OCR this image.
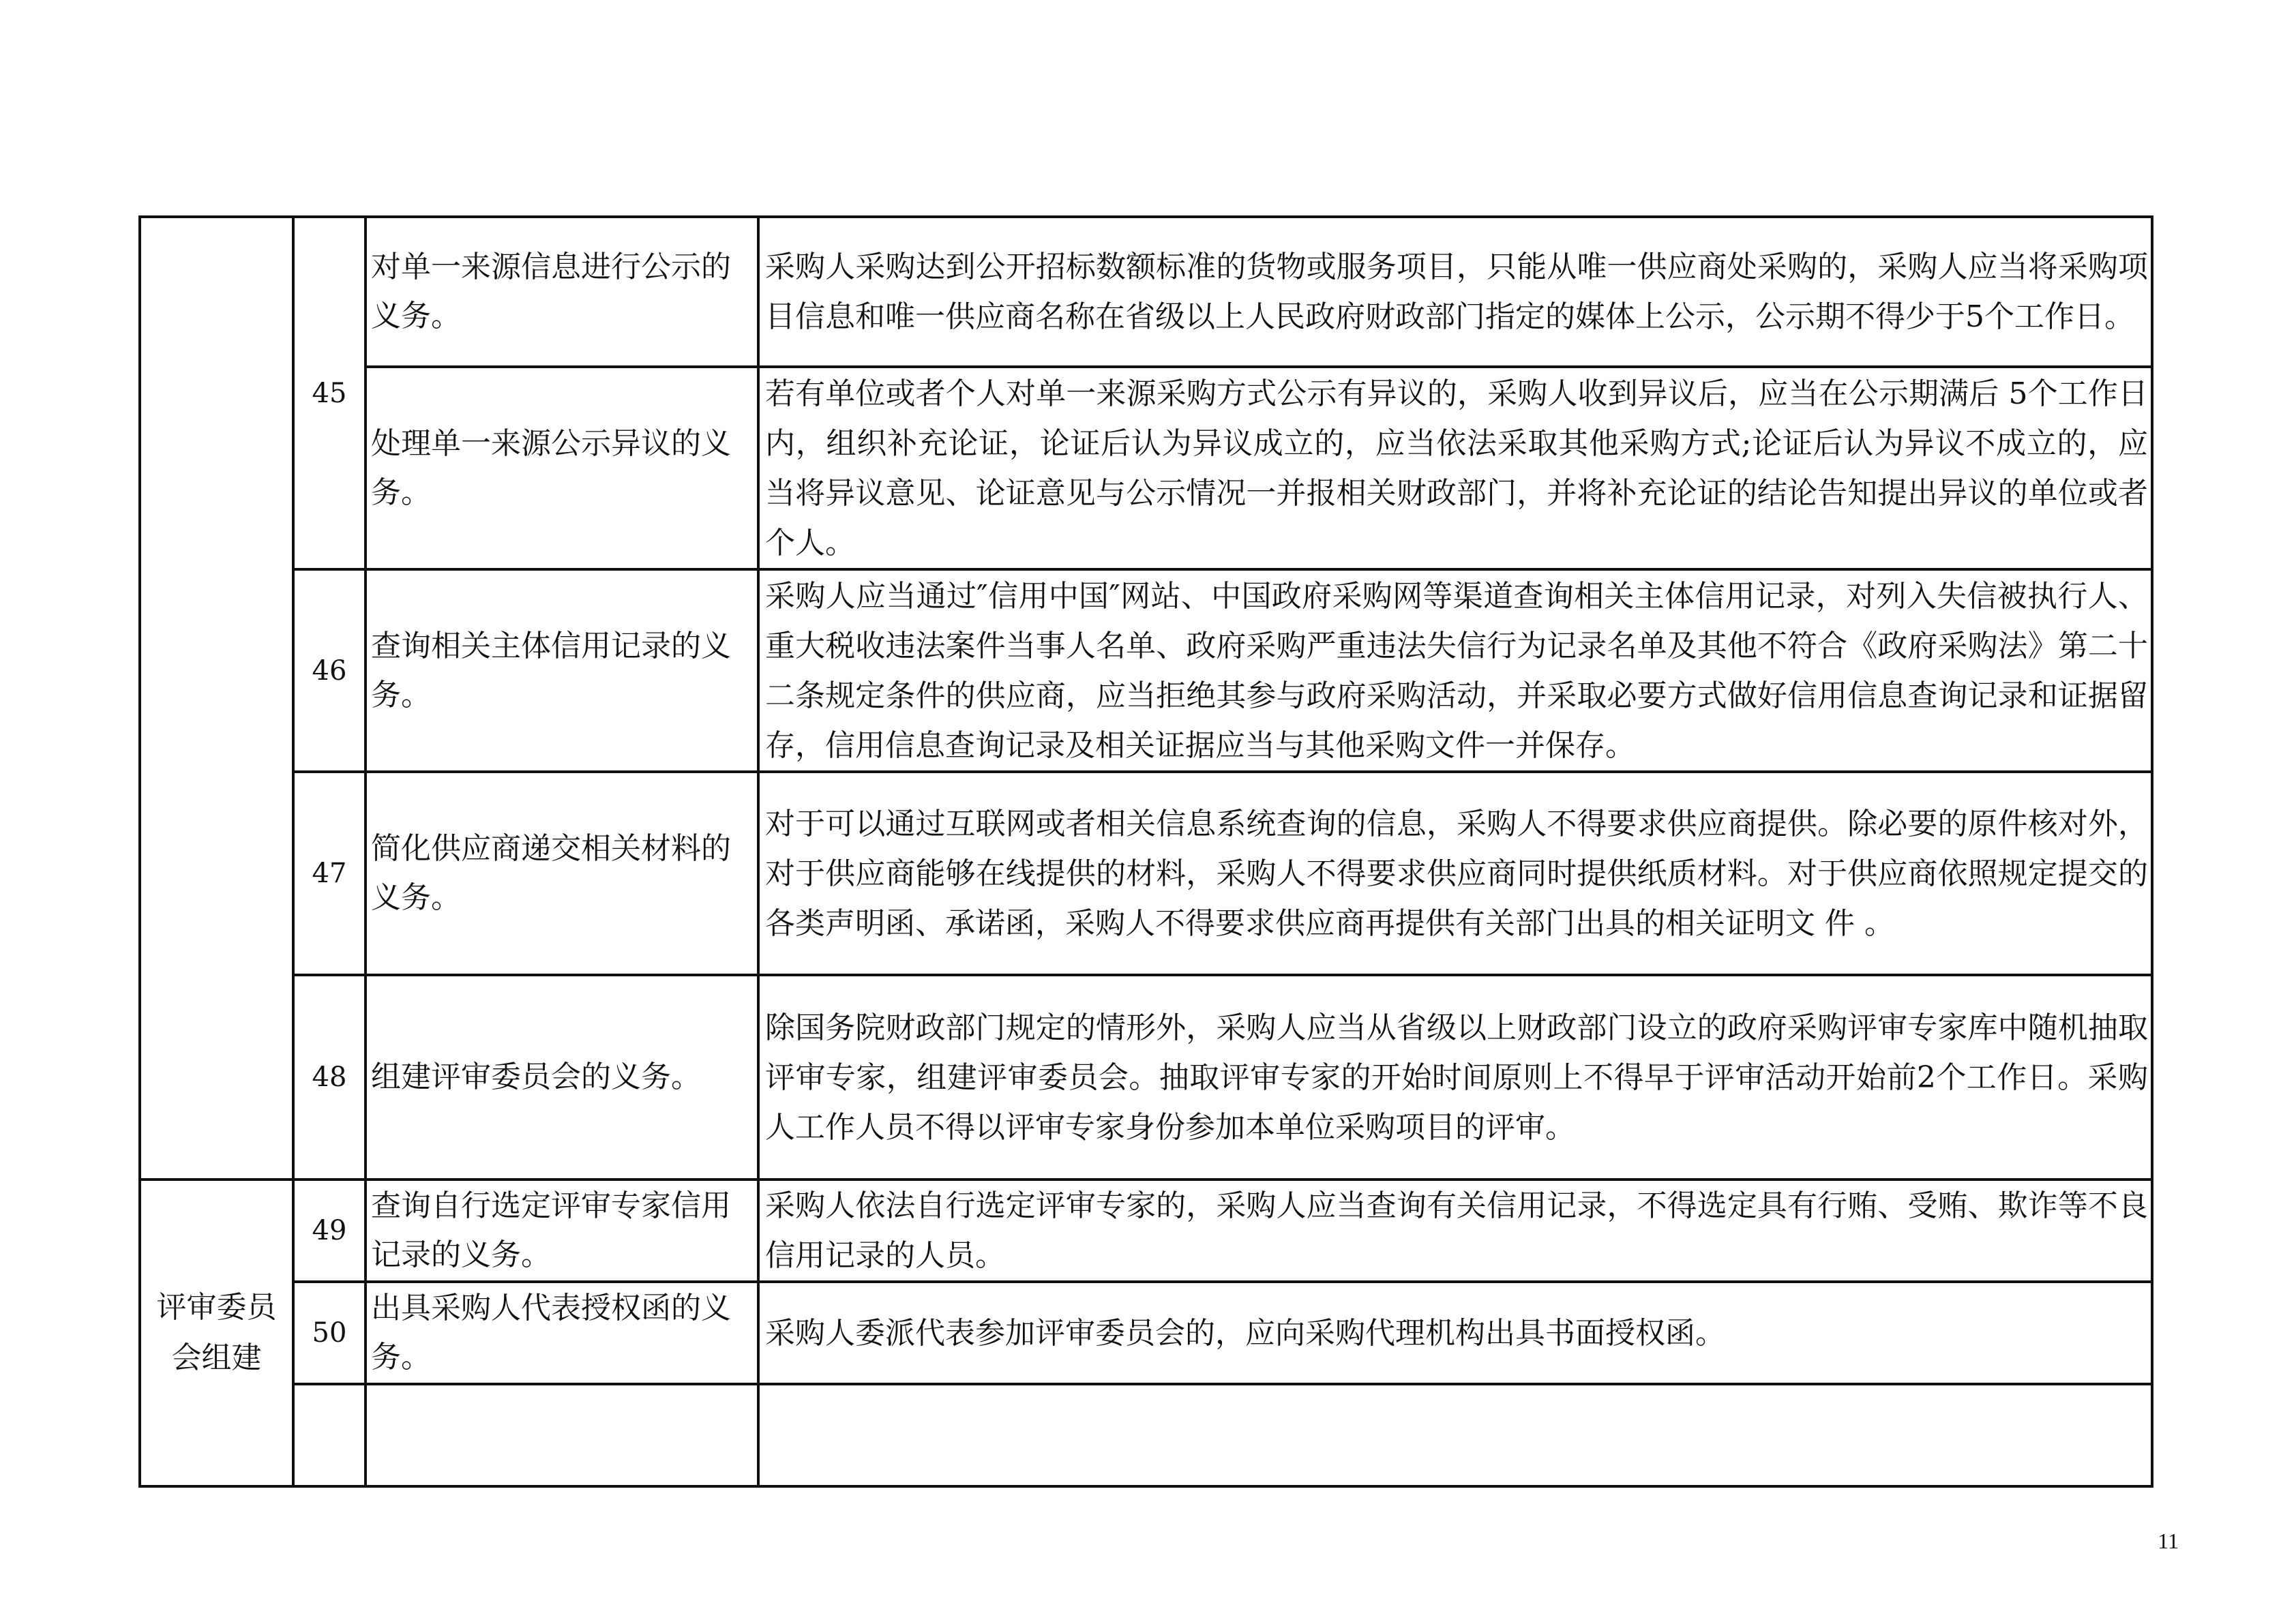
	45	对单一来源信息进行公示的义务。	采购人采购达到公开招标数额标准的货物或服务项目，只能从唯一供应商处采购的，采购人应当将采购项目信息和唯一供应商名称在省级以上人民政府财政部门指定的媒体上公示，公示期不得少于5个工作日。
		处理单一来源公示异议的义 务。	若有单位或者个人对单一来源采购方式公示有异议的，采购人收到异议后，应当在公示期满后 5个工作日内，组织补充论证，论证后认为异议成立的，应当依法采取其他采购方式;论证后认为异议不成立的，应当将异议意见、论证意见与公示情况一并报相关财政部门，并将补充论证的结论告知提出异议的单位或者个人。
	46	查询相关主体信用记录的义 务。	采购人应当通过″信用中国″网站、中国政府采购网等渠道查询相关主体信用记录，对列入失信被执行人、重大税收违法案件当事人名单、政府采购严重违法失信行为记录名单及其他不符合《政府采购法》第二十二条规定条件的供应商，应当拒绝其参与政府采购活动，并采取必要方式做好信用信息查询记录和证据留存，信用信息查询记录及相关证据应当与其他采购文件一并保存。
	47	简化供应商递交相关材料的义务。	对于可以通过互联网或者相关信息系统查询的信息，采购人不得要求供应商提供。除必要的原件核对外，对于供应商能够在线提供的材料，采购人不得要求供应商同时提供纸质材料。对于供应商依照规定提交的各类声明函、承诺函，采购人不得要求供应商再提供有关部门出具的相关证明文 件 。
	48	组建评审委员会的义务。	除国务院财政部门规定的情形外，采购人应当从省级以上财政部门设立的政府采购评审专家库中随机抽取评审专家，组建评审委员会。抽取评审专家的开始时间原则上不得早于评审活动开始前2个工作日。采购人工作人员不得以评审专家身份参加本单位采购项目的评审。
评审委员会组建	49	查询自行选定评审专家信用记录的义务。	采购人依法自行选定评审专家的，采购人应当查询有关信用记录，不得选定具有行贿、受贿、欺诈等不良信用记录的人员。
	50	出具采购人代表授权函的义 务。	采购人委派代表参加评审委员会的，应向采购代理机构出具书面授权函。

11
